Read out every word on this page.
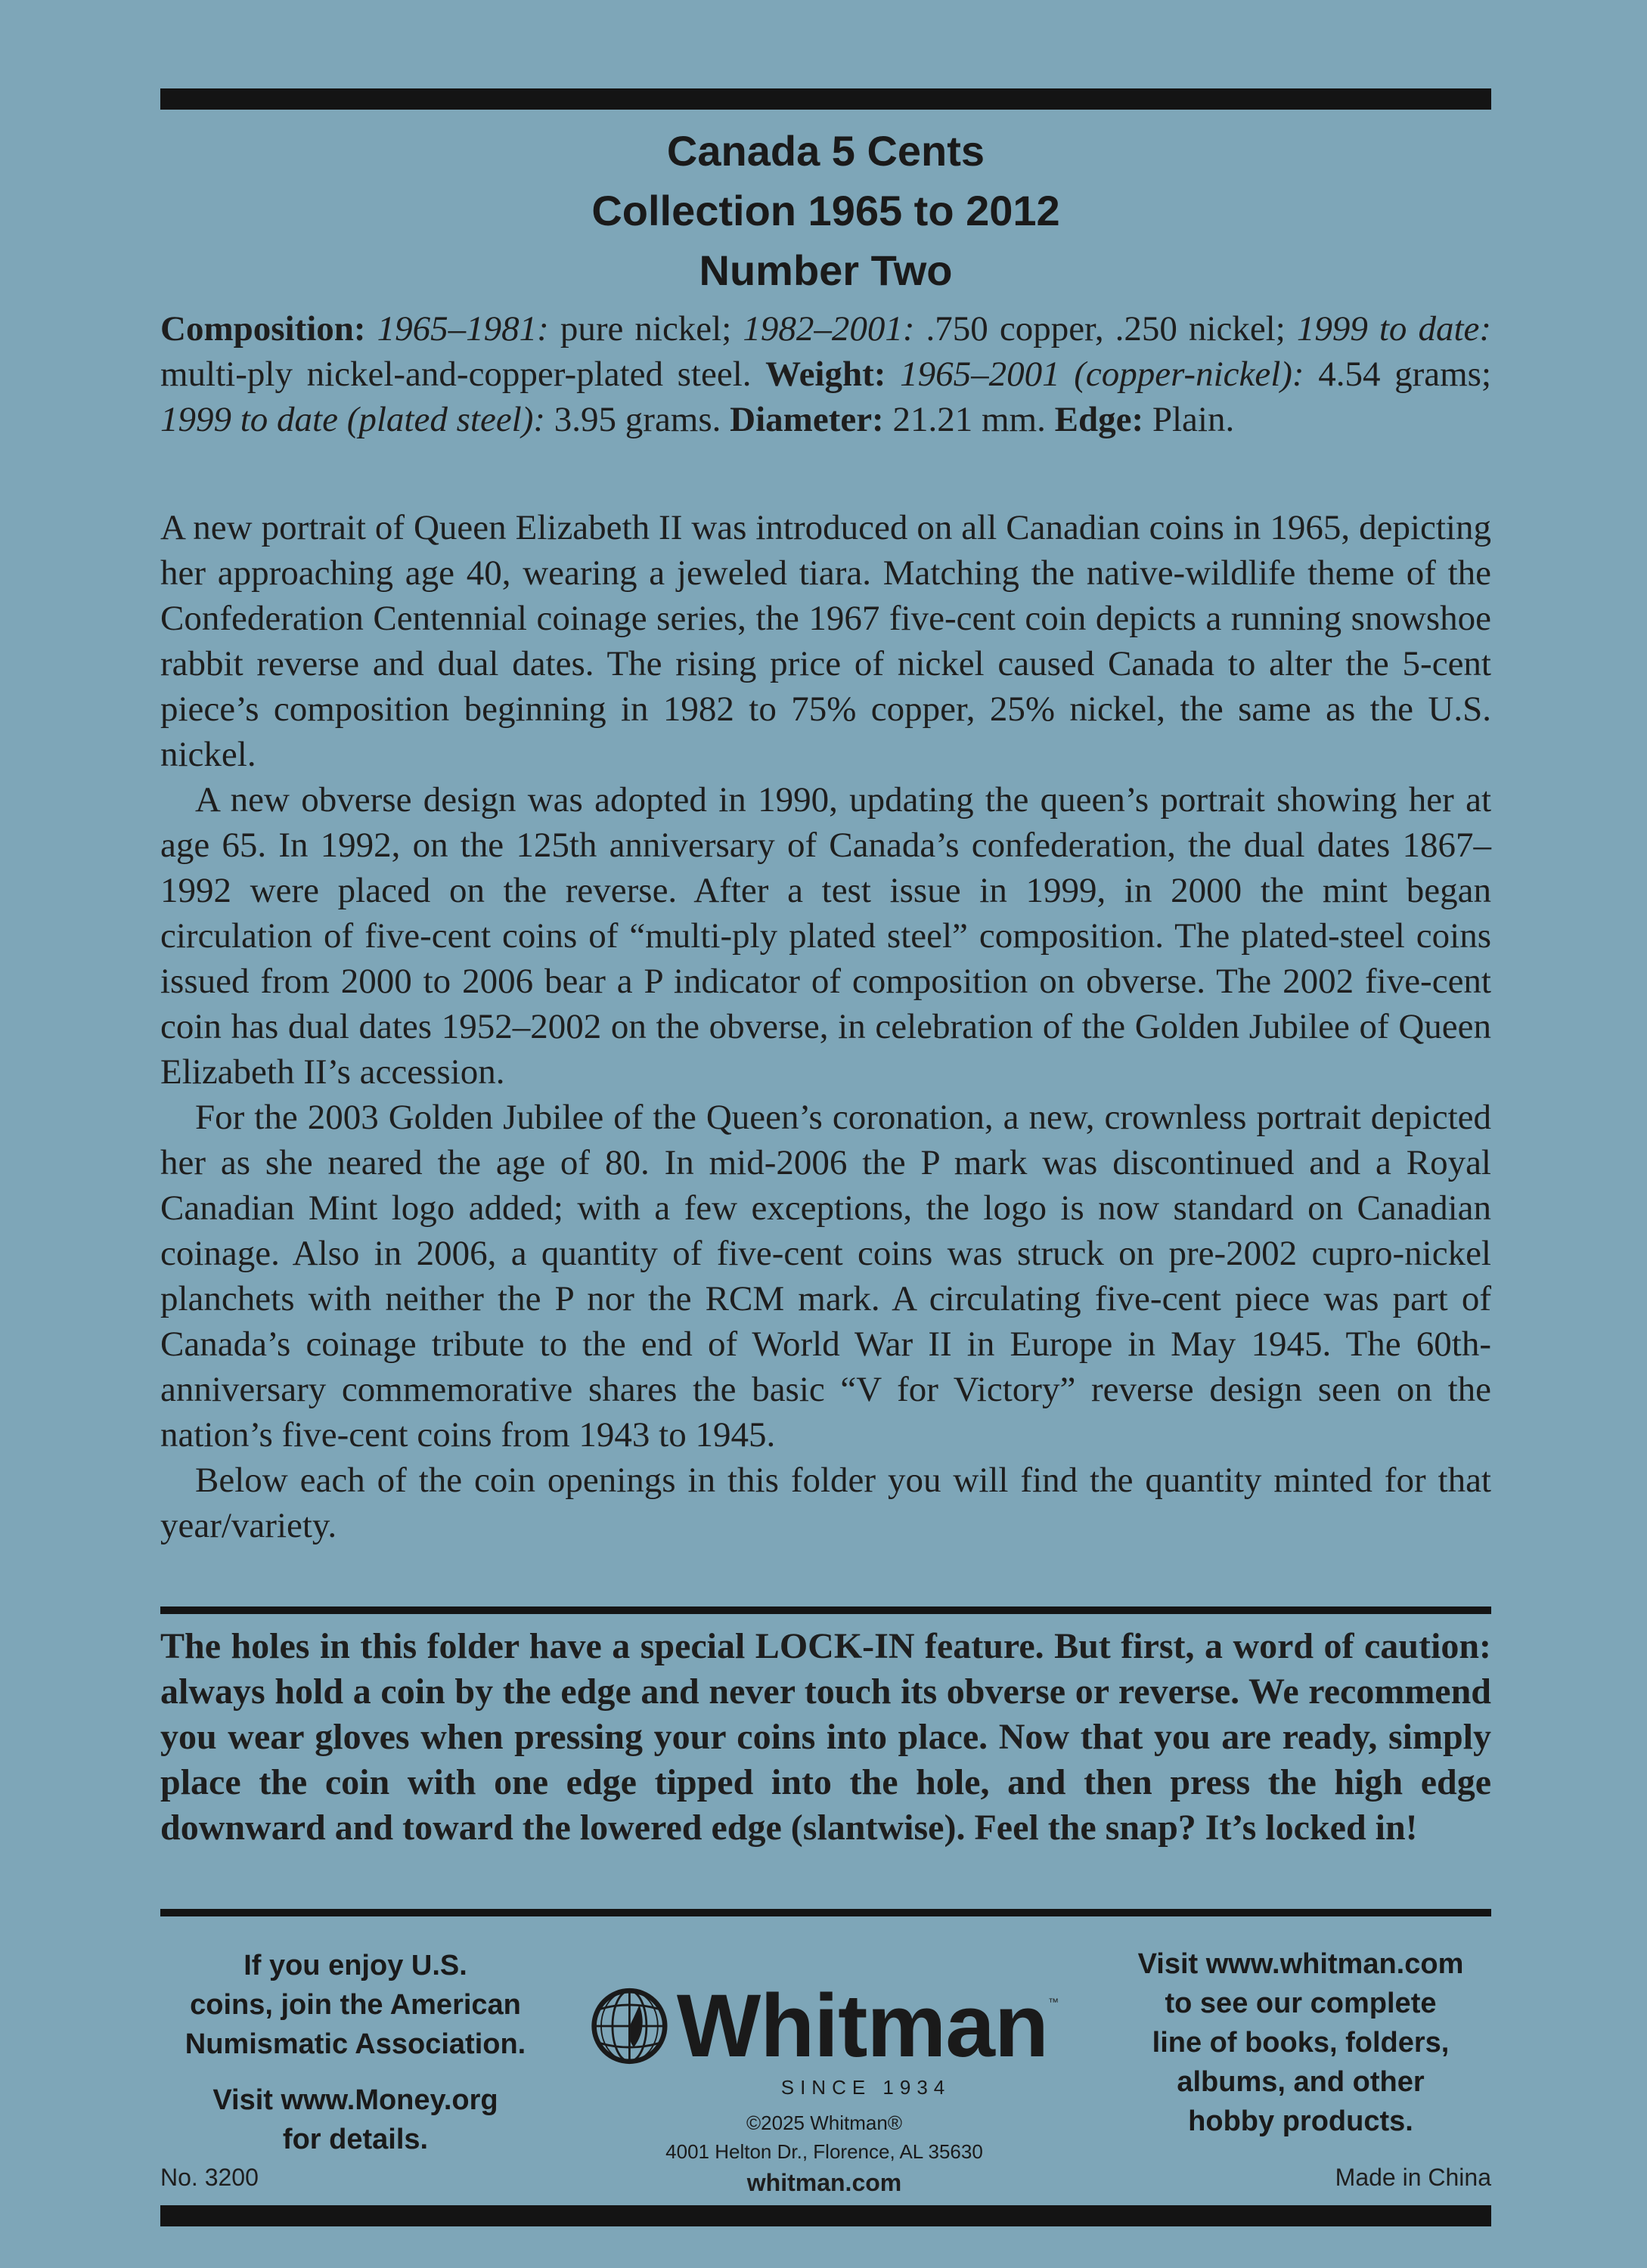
Canada 5 Cents
Collection 1965 to 2012
Number Two
Composition: 1965–1981: pure nickel; 1982–2001: .750 copper, .250 nickel; 1999 to date: multi-ply nickel-and-copper-plated steel. Weight: 1965–2001 (copper-nickel): 4.54 grams; 1999 to date (plated steel): 3.95 grams. Diameter: 21.21 mm. Edge: Plain.

A new portrait of Queen Elizabeth II was introduced on all Canadian coins in 1965, depicting her approaching age 40, wearing a jeweled tiara. Matching the native-wildlife theme of the Confederation Centennial coinage series, the 1967 five-cent coin depicts a running snowshoe rabbit reverse and dual dates. The rising price of nickel caused Canada to alter the 5-cent piece’s composition beginning in 1982 to 75% copper, 25% nickel, the same as the U.S. nickel.

A new obverse design was adopted in 1990, updating the queen’s portrait showing her at age 65. In 1992, on the 125th anniversary of Canada’s confederation, the dual dates 1867–1992 were placed on the reverse. After a test issue in 1999, in 2000 the mint began circulation of five-cent coins of “multi-ply plated steel” composition. The plated-steel coins issued from 2000 to 2006 bear a P indicator of composition on obverse. The 2002 five-cent coin has dual dates 1952–2002 on the obverse, in celebration of the Golden Jubilee of Queen Elizabeth II’s accession.

For the 2003 Golden Jubilee of the Queen’s coronation, a new, crownless portrait depicted her as she neared the age of 80. In mid-2006 the P mark was discontinued and a Royal Canadian Mint logo added; with a few exceptions, the logo is now standard on Canadian coinage. Also in 2006, a quantity of five-cent coins was struck on pre-2002 cupro-nickel planchets with neither the P nor the RCM mark. A circulating five-cent piece was part of Canada’s coinage tribute to the end of World War II in Europe in May 1945. The 60th-anniversary commemorative shares the basic “V for Victory” reverse design seen on the nation’s five-cent coins from 1943 to 1945.

Below each of the coin openings in this folder you will find the quantity minted for that year/variety.

The holes in this folder have a special LOCK-IN feature. But first, a word of caution: always hold a coin by the edge and never touch its obverse or reverse. We recommend you wear gloves when pressing your coins into place. Now that you are ready, simply place the coin with one edge tipped into the hole, and then press the high edge downward and toward the lowered edge (slantwise). Feel the snap? It’s locked in!
If you enjoy U.S.
coins, join the American
Numismatic Association.
Visit www.Money.org
for details.
Whitman ™
SINCE 1934
©2025 Whitman®
4001 Helton Dr., Florence, AL 35630
whitman.com
Visit www.whitman.com
to see our complete
line of books, folders,
albums, and other
hobby products.
No. 3200	Made in China
